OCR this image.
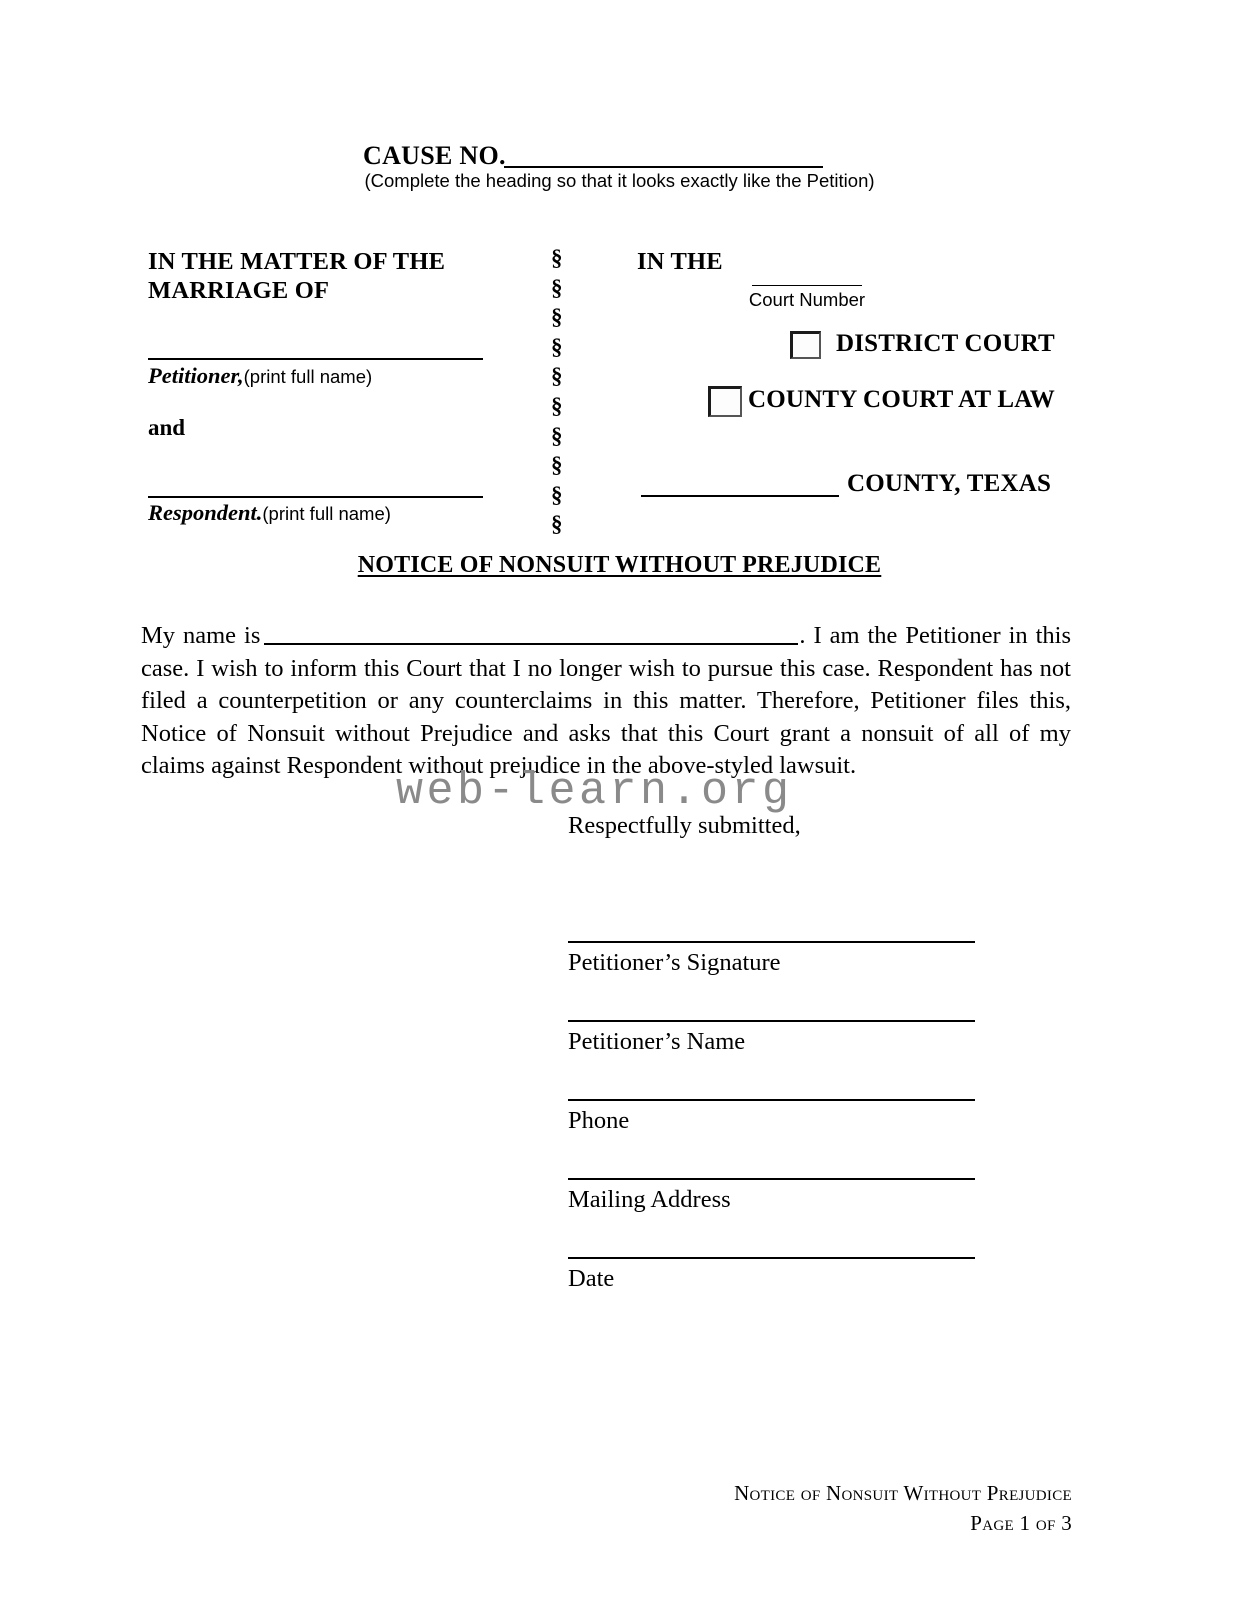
CAUSE NO.
(Complete the heading so that it looks exactly like the Petition)
IN THE MATTER OF THE
MARRIAGE OF
Petitioner,(print full name)
and
Respondent.(print full name)
§
§
§
§
§
§
§
§
§
§
IN THE
Court Number
DISTRICT COURT
COUNTY COURT AT LAW
COUNTY, TEXAS
NOTICE OF NONSUIT WITHOUT PREJUDICE
My name is	. I am the Petitioner in this case. I wish to inform this Court that I no longer wish to pursue this case. Respondent has not filed a counterpetition or any counterclaims in this matter. Therefore, Petitioner files this, Notice of Nonsuit without Prejudice and asks that this Court grant a nonsuit of all of my claims against Respondent without prejudice in the above-styled lawsuit.
web-learn.org
Respectfully submitted,
Petitioner’s Signature
Petitioner’s Name
Phone
Mailing Address
Date
Notice of Nonsuit Without Prejudice
Page 1 of 3
